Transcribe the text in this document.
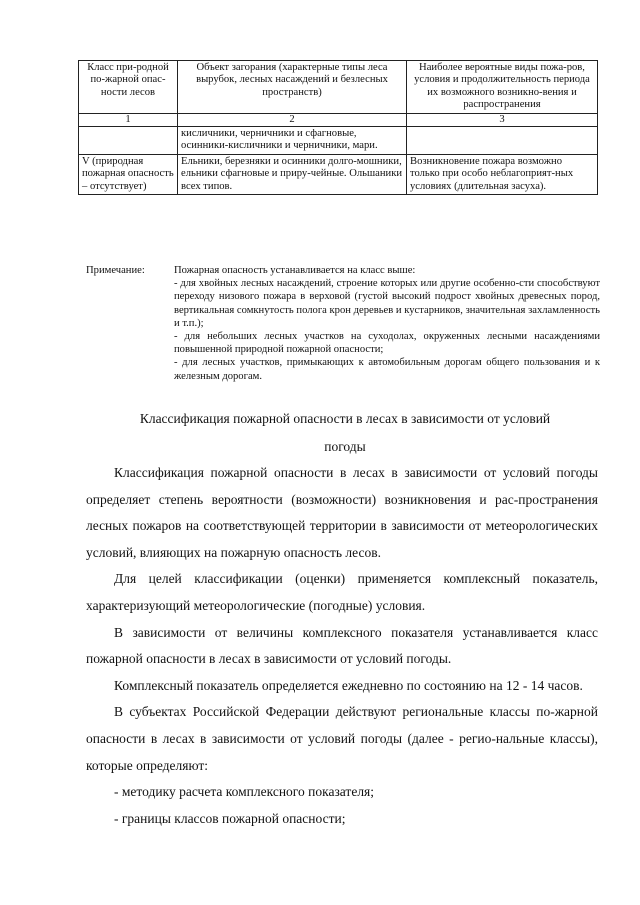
Класс при-родной по-жарной опас-ности лесов	Объект загорания (характерные типы леса вырубок, лесных насаждений и безлесных пространств)	Наиболее вероятные виды пожа-ров, условия и продолжительность периода их возможного возникно-вения и распространения
1	2	3
	кисличники, черничники и сфагновые, осинники-кисличники и черничники, мари.	
V (природная пожарная опасность – отсутствует)	Ельники, березняки и осинники долго-мошники, ельники сфагновые и приру-чейные. Ольшаники всех типов.	Возникновение пожара возможно только при особо неблагоприят-ных условиях (длительная засуха).
Примечание:	Пожарная опасность устанавливается на класс выше:

- для хвойных лесных насаждений, строение которых или другие особенно-сти способствуют переходу низового пожара в верховой (густой высокий подрост хвойных древесных пород, вертикальная сомкнутость полога крон деревьев и кустарников, значительная захламленность и т.п.);

- для небольших лесных участков на суходолах, окруженных лесными насаждениями повышенной природной пожарной опасности;

- для лесных участков, примыкающих к автомобильным дорогам общего пользования и к железным дорогам.

Классификация пожарной опасности в лесах в зависимости от условий
погоды

Классификация пожарной опасности в лесах в зависимости от условий погоды определяет степень вероятности (возможности) возникновения и рас-пространения лесных пожаров на соответствующей территории в зависимости от метеорологических условий, влияющих на пожарную опасность лесов.

Для целей классификации (оценки) применяется комплексный показатель, характеризующий метеорологические (погодные) условия.

В зависимости от величины комплексного показателя устанавливается класс пожарной опасности в лесах в зависимости от условий погоды.

Комплексный показатель определяется ежедневно по состоянию на 12 - 14 часов.

В субъектах Российской Федерации действуют региональные классы по-жарной опасности в лесах в зависимости от условий погоды (далее - регио-нальные классы), которые определяют:

- методику расчета комплексного показателя;

- границы классов пожарной опасности;
